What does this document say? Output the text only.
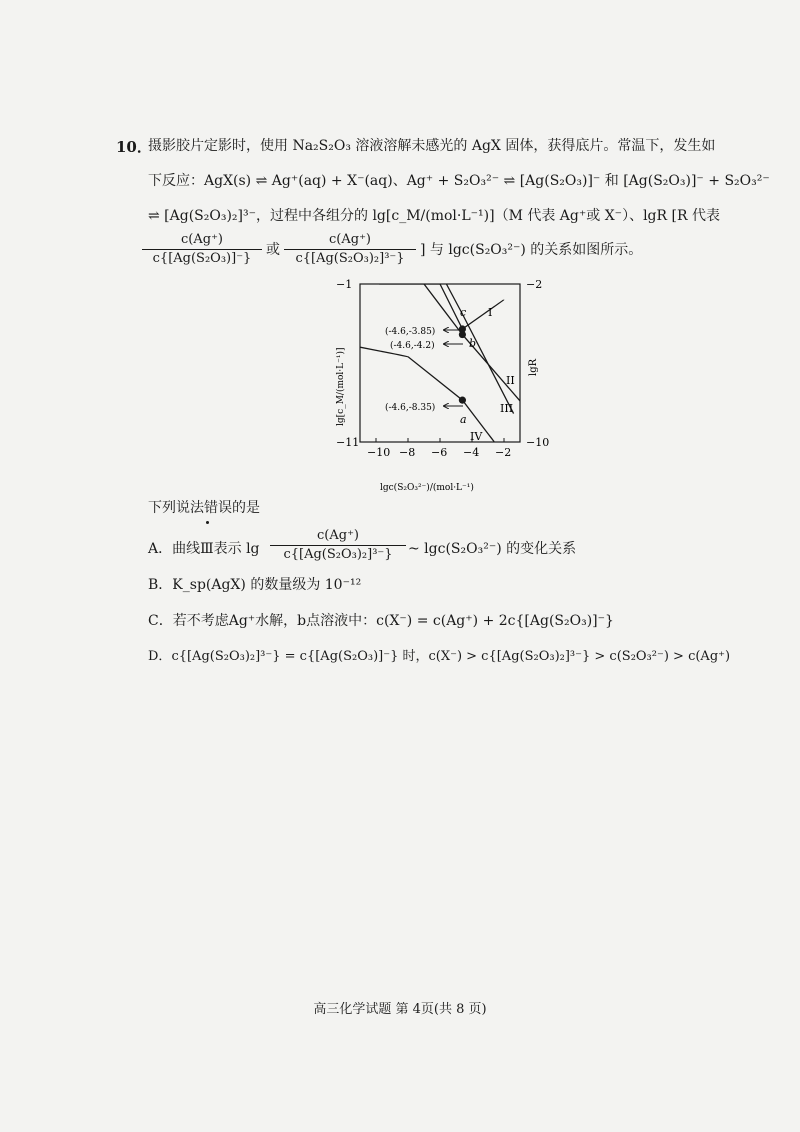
10．
摄影胶片定影时，使用 Na₂S₂O₃ 溶液溶解未感光的 AgX 固体，获得底片。常温下，发生如
下反应：AgX(s) ⇌ Ag⁺(aq) + X⁻(aq)、Ag⁺ + S₂O₃²⁻ ⇌ [Ag(S₂O₃)]⁻ 和 [Ag(S₂O₃)]⁻ + S₂O₃²⁻
⇌ [Ag(S₂O₃)₂]³⁻，过程中各组分的 lg[c_M/(mol·L⁻¹)]（M 代表 Ag⁺或 X⁻）、lgR [R 代表
c(Ag⁺)
c{[Ag(S₂O₃)]⁻}
或
c(Ag⁺)
c{[Ag(S₂O₃)₂]³⁻}
] 与 lgc(S₂O₃²⁻) 的关系如图所示。
−10 −8 −6 −4 −2
−1
−11
−2
−10
lg[c_M/(mol·L⁻¹)]	lgR
lgc(S₂O₃²⁻)/(mol·L⁻¹)
I
II
III
IV
c
b
a
(-4.6,-3.85)
(-4.6,-4.2)
(-4.6,-8.35)
下列说法错误的是
A．曲线Ⅲ表示 lg
c(Ag⁺)
c{[Ag(S₂O₃)₂]³⁻}	~ lgc(S₂O₃²⁻) 的变化关系
B．K_sp(AgX) 的数量级为 10⁻¹²
C．若不考虑Ag⁺水解，b点溶液中：c(X⁻) = c(Ag⁺) + 2c{[Ag(S₂O₃)]⁻}
D．c{[Ag(S₂O₃)₂]³⁻} = c{[Ag(S₂O₃)]⁻} 时，c(X⁻) > c{[Ag(S₂O₃)₂]³⁻} > c(S₂O₃²⁻) > c(Ag⁺)
高三化学试题 第 4页(共 8 页)
